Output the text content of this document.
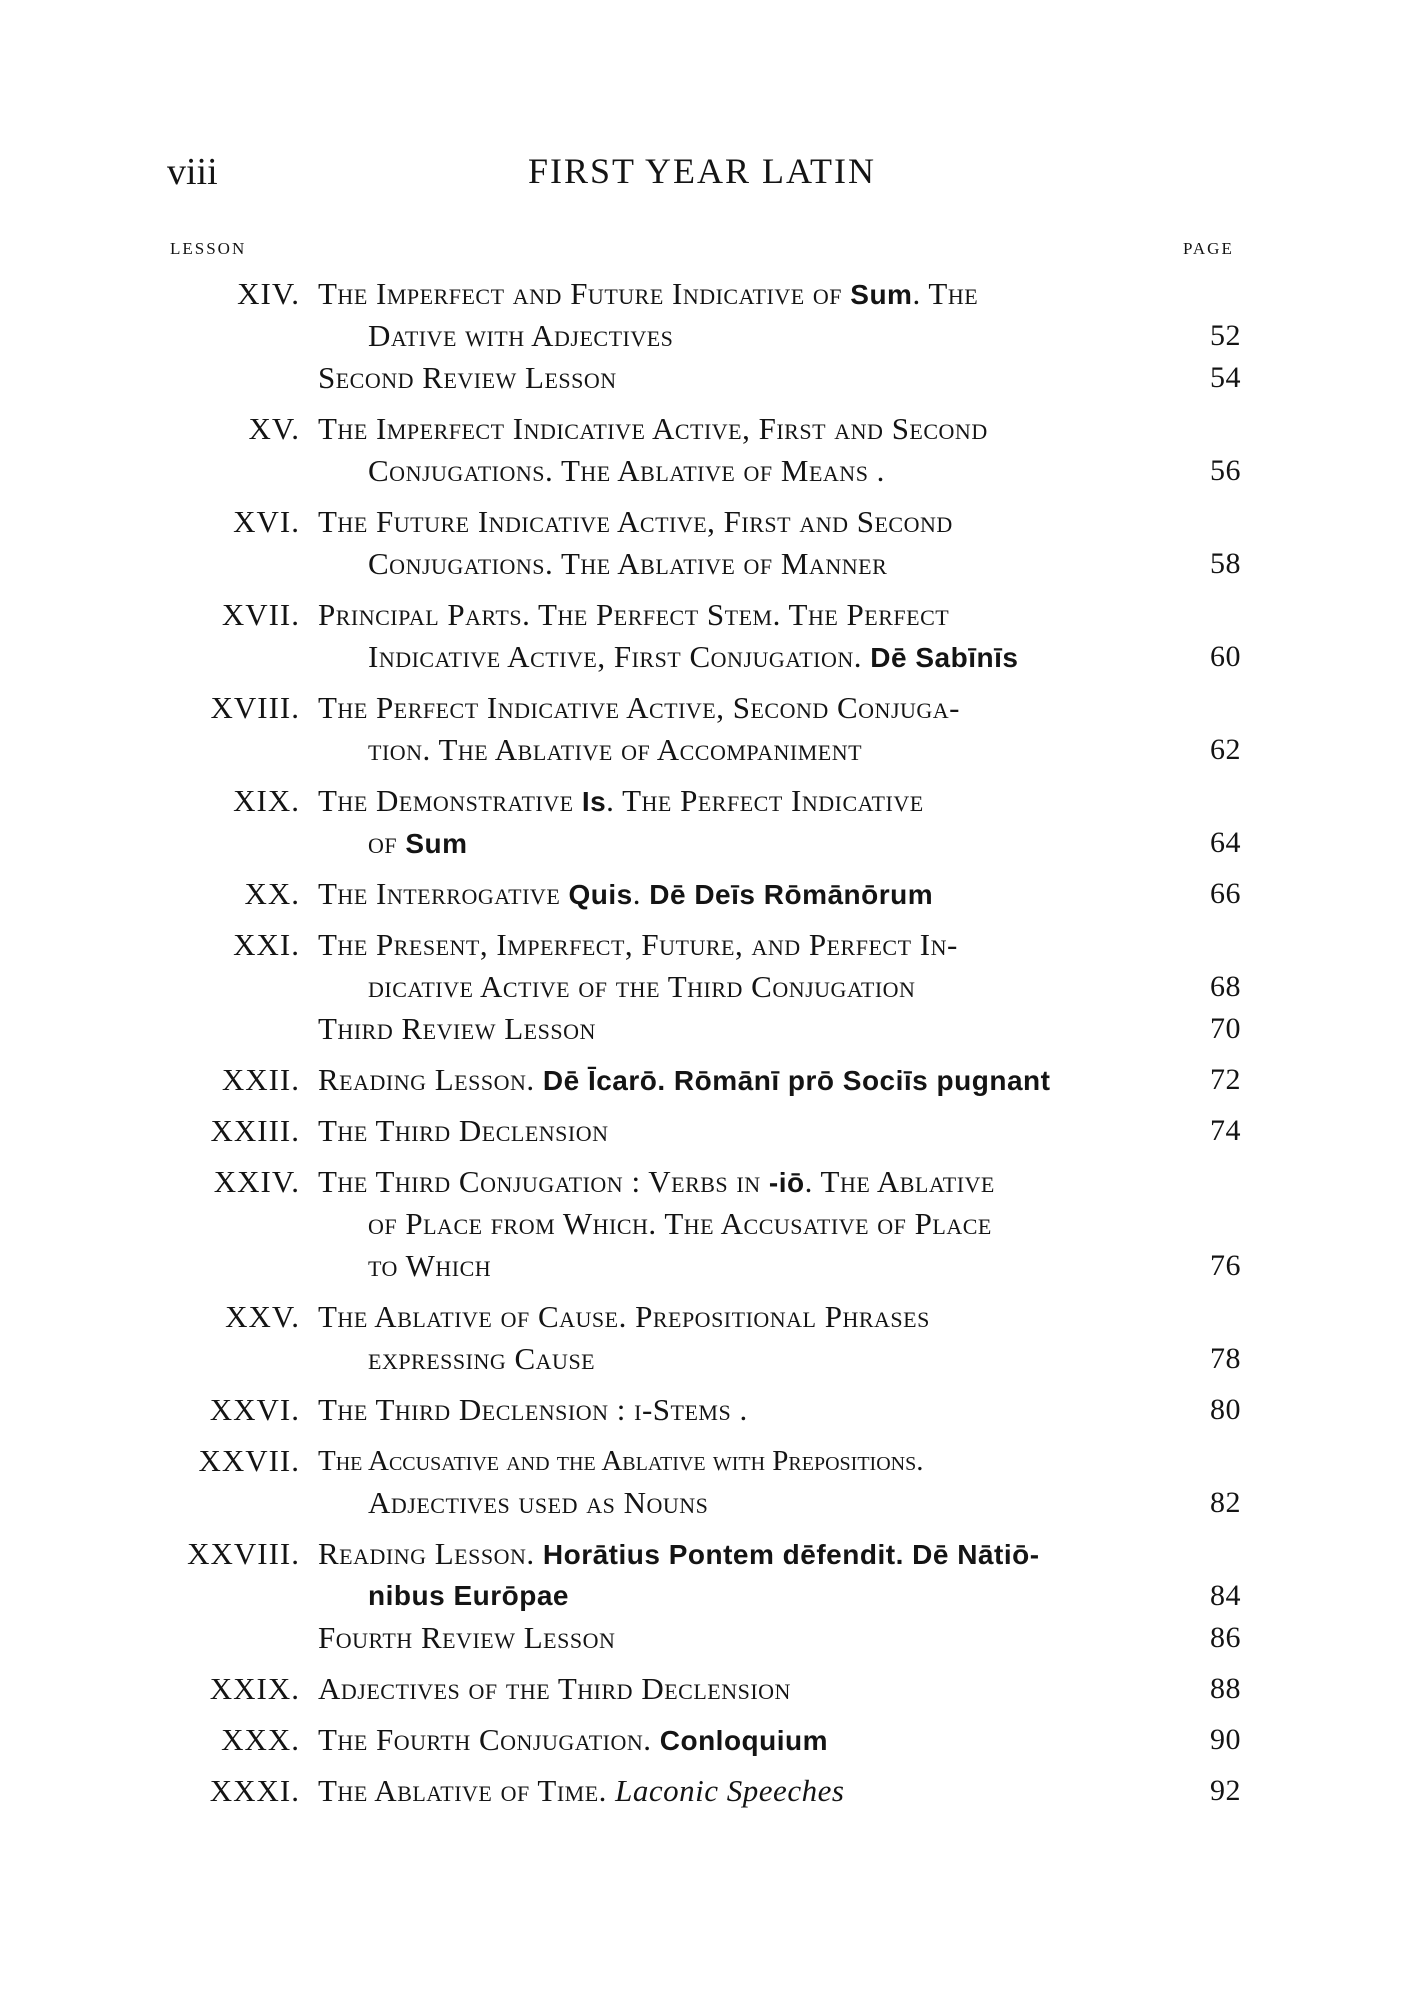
viii	FIRST YEAR LATIN
LESSON	PAGE
XIV. The Imperfect and Future Indicative of Sum. The
Dative with Adjectives	52
Second Review Lesson	54
XV. The Imperfect Indicative Active, First and Second
Conjugations. The Ablative of Means .	56
XVI. The Future Indicative Active, First and Second
Conjugations. The Ablative of Manner	58
XVII. Principal Parts. The Perfect Stem. The Perfect
Indicative Active, First Conjugation. Dē Sabīnīs	60
XVIII. The Perfect Indicative Active, Second Conjuga-
tion. The Ablative of Accompaniment	62
XIX. The Demonstrative Is. The Perfect Indicative
of Sum	64
XX. The Interrogative Quis. Dē Deīs Rōmānōrum	66
XXI. The Present, Imperfect, Future, and Perfect In-
dicative Active of the Third Conjugation	68
Third Review Lesson	70
XXII. Reading Lesson. Dē Īcarō. Rōmānī prō Sociīs pugnant	72
XXIII. The Third Declension	74
XXIV. The Third Conjugation : Verbs in -iō. The Ablative
of Place from Which. The Accusative of Place
to Which	76
XXV. The Ablative of Cause. Prepositional Phrases
expressing Cause	78
XXVI. The Third Declension : i-Stems .	80
XXVII. The Accusative and the Ablative with Prepositions.
Adjectives used as Nouns	82
XXVIII. Reading Lesson. Horātius Pontem dēfendit. Dē Nātiō-
nibus Eurōpae	84
Fourth Review Lesson	86
XXIX. Adjectives of the Third Declension	88
XXX. The Fourth Conjugation. Conloquium	90
XXXI. The Ablative of Time. Laconic Speeches	92
